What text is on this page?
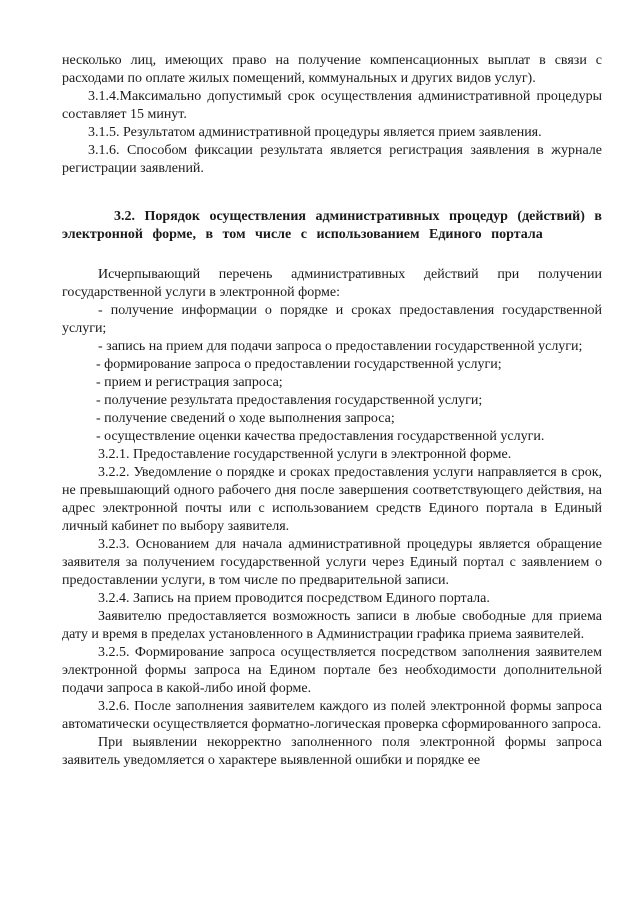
несколько лиц, имеющих право на получение компенсационных выплат в связи с расходами по оплате жилых помещений, коммунальных и других видов услуг).

3.1.4.Максимально допустимый срок осуществления административной процедуры составляет 15 минут.

3.1.5. Результатом административной процедуры является прием заявления.

3.1.6. Способом фиксации результата является регистрация заявления в журнале регистрации заявлений.

3.2. Порядок осуществления административных процедур (действий) в электронной форме, в том числе с использованием Единого портала

Исчерпывающий перечень административных действий при получении государственной услуги в электронной форме:

- получение информации о порядке и сроках предоставления государственной услуги;

- запись на прием для подачи запроса о предоставлении государственной услуги;

- формирование запроса о предоставлении государственной услуги;

- прием и регистрация запроса;

- получение результата предоставления государственной услуги;

- получение сведений о ходе выполнения запроса;

- осуществление оценки качества предоставления государственной услуги.

3.2.1. Предоставление государственной услуги в электронной форме.

3.2.2. Уведомление о порядке и сроках предоставления услуги направляется в срок, не превышающий одного рабочего дня после завершения соответствующего действия, на адрес электронной почты или с использованием средств Единого портала в Единый личный кабинет по выбору заявителя.

3.2.3. Основанием для начала административной процедуры является обращение заявителя за получением государственной услуги через Единый портал с заявлением о предоставлении услуги, в том числе по предварительной записи.

3.2.4. Запись на прием проводится посредством Единого портала.

Заявителю предоставляется возможность записи в любые свободные для приема дату и время в пределах установленного в Администрации графика приема заявителей.

3.2.5. Формирование запроса осуществляется посредством заполнения заявителем электронной формы запроса на Едином портале без необходимости дополнительной подачи запроса в какой-либо иной форме.

3.2.6. После заполнения заявителем каждого из полей электронной формы запроса автоматически осуществляется форматно-логическая проверка сформированного запроса.

При выявлении некорректно заполненного поля электронной формы запроса заявитель уведомляется о характере выявленной ошибки и порядке ее
